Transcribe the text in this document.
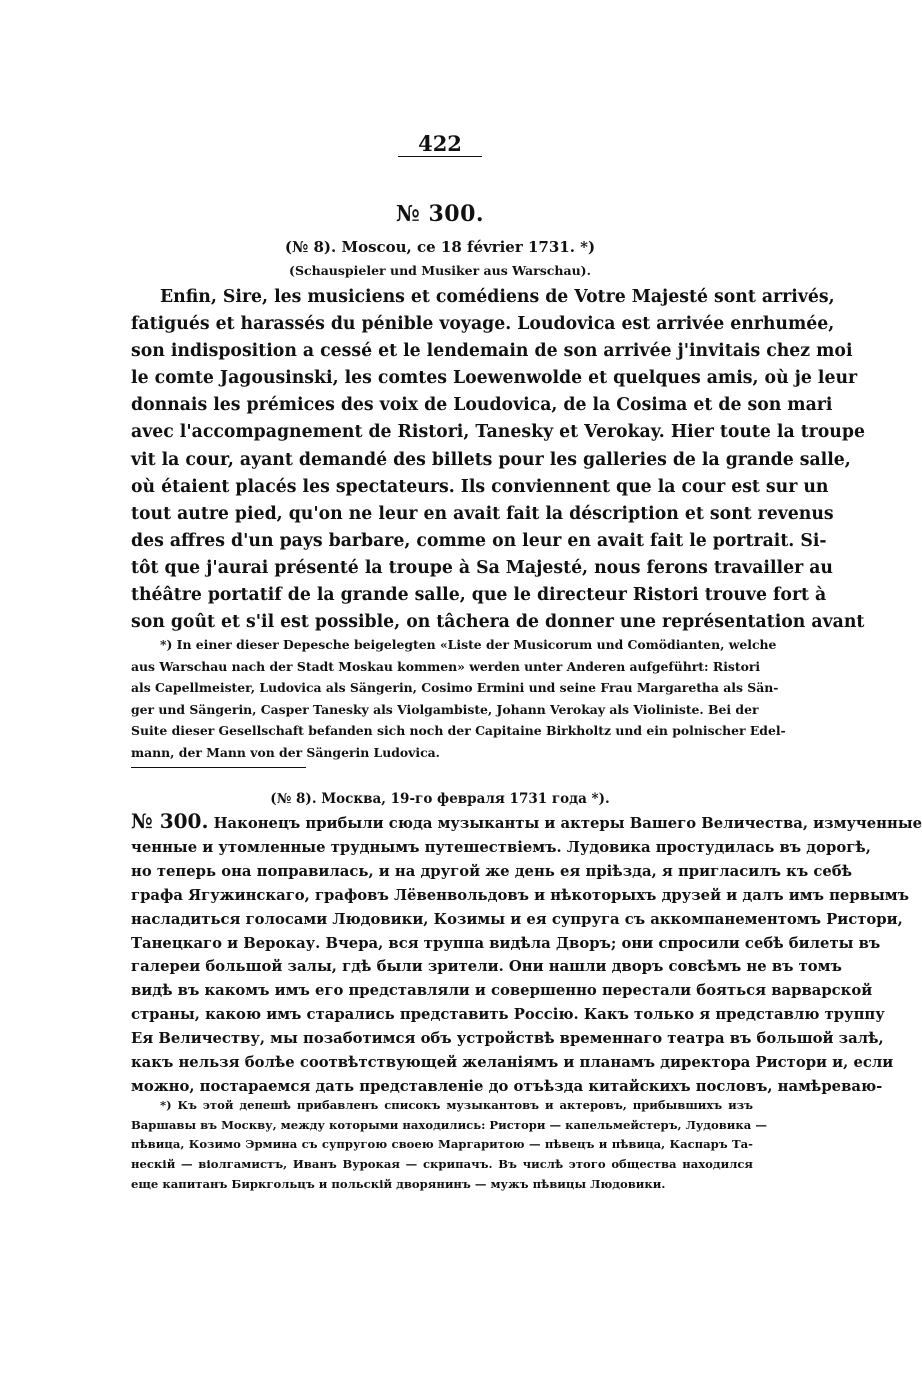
422
№ 300.
(№ 8). Moscou, ce 18 février 1731. *)
(Schauspieler und Musiker aus Warschau).
Enfin, Sire, les musiciens et comédiens de Votre Majesté sont arrivés,
fatigués et harassés du pénible voyage. Loudovica est arrivée enrhumée,
son indisposition a cessé et le lendemain de son arrivée j'invitais chez moi
le comte Jagousinski, les comtes Loewenwolde et quelques amis, où je leur
donnais les prémices des voix de Loudovica, de la Cosima et de son mari
avec l'accompagnement de Ristori, Tanesky et Verokay. Hier toute la troupe
vit la cour, ayant demandé des billets pour les galleries de la grande salle,
où étaient placés les spectateurs. Ils conviennent que la cour est sur un
tout autre pied, qu'on ne leur en avait fait la déscription et sont revenus
des affres d'un pays barbare, comme on leur en avait fait le portrait. Si-
tôt que j'aurai présenté la troupe à Sa Majesté, nous ferons travailler au
théâtre portatif de la grande salle, que le directeur Ristori trouve fort à
son goût et s'il est possible, on tâchera de donner une représentation avant
*) In einer dieser Depesche beigelegten «Liste der Musicorum und Comödianten, welche
aus Warschau nach der Stadt Moskau kommen» werden unter Anderen aufgeführt: Ristori
als Capellmeister, Ludovica als Sängerin, Cosimo Ermini und seine Frau Margaretha als Sän-
ger und Sängerin, Casper Tanesky als Violgambiste, Johann Verokay als Violiniste. Bei der
Suite dieser Gesellschaft befanden sich noch der Capitaine Birkholtz und ein polnischer Edel-
mann, der Mann von der Sängerin Ludovica.
(№ 8). Москва, 19-го февраля 1731 года *).
№ 300. Наконецъ прибыли сюда музыканты и актеры Вашего Величества, измученные
ченные и утомленные труднымъ путешествіемъ. Лудовика простудилась въ дорогѣ,
но теперь она поправилась, и на другой же день ея пріѣзда, я пригласилъ къ себѣ
графа Ягужинскаго, графовъ Лёвенвольдовъ и нѣкоторыхъ друзей и далъ имъ первымъ
насладиться голосами Людовики, Козимы и ея супруга съ аккомпанементомъ Ристори,
Танецкаго и Верокау. Вчера, вся труппа видѣла Дворъ; они спросили себѣ билеты въ
галереи большой залы, гдѣ были зрители. Они нашли дворъ совсѣмъ не въ томъ
видѣ въ какомъ имъ его представляли и совершенно перестали бояться варварской
страны, какою имъ старались представить Россію. Какъ только я представлю труппу
Ея Величеству, мы позаботимся объ устройствѣ временнаго театра въ большой залѣ,
какъ нельзя болѣе соотвѣтствующей желаніямъ и планамъ директора Ристори и, если
можно, постараемся дать представленіе до отъѣзда китайскихъ пословъ, намѣреваю-
*) Къ этой депешѣ прибавленъ списокъ музыкантовъ и актеровъ, прибывшихъ изъ
Варшавы въ Москву, между которыми находились: Ристори — капельмейстеръ, Лудовика —
пѣвица, Козимо Эрмина съ супругою своею Маргаритою — пѣвецъ и пѣвица, Каспаръ Та-
нескій — віолгамистъ, Иванъ Вурокая — скрипачъ. Въ числѣ этого общества находился
еще капитанъ Биркгольцъ и польскій дворянинъ — мужъ пѣвицы Людовики.
